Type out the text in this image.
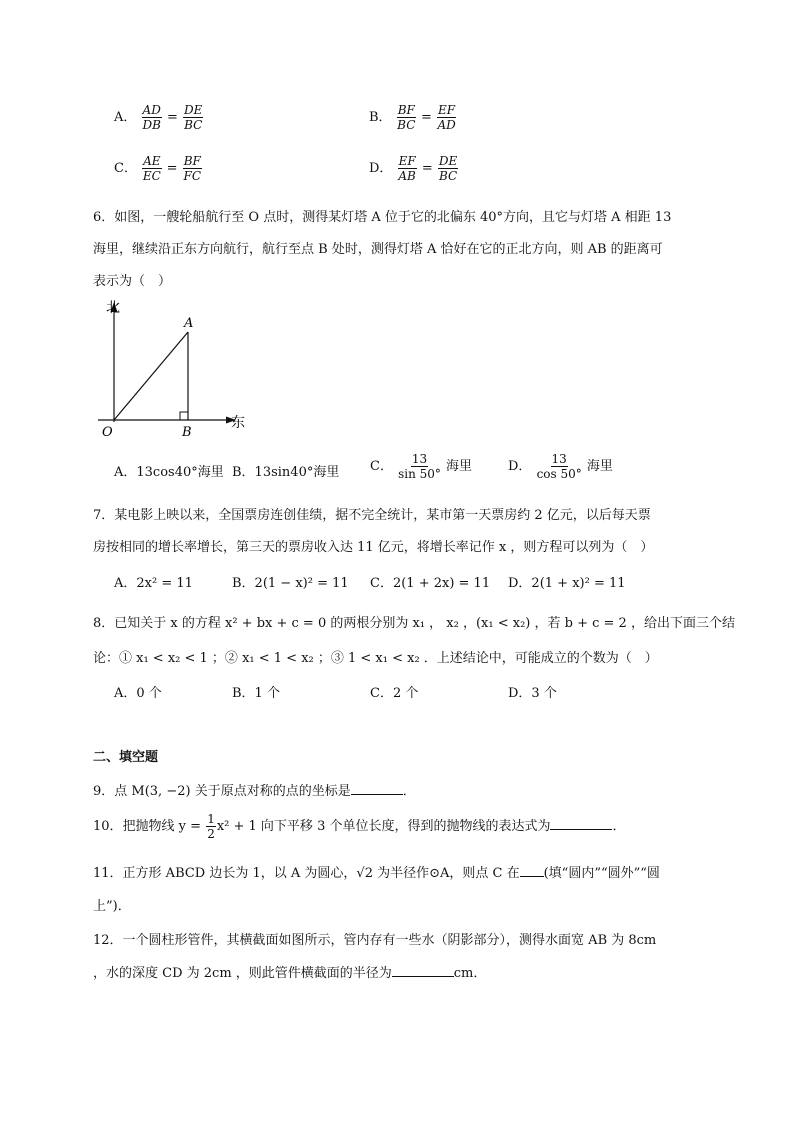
A． $\frac{AD}{DB} = \frac{DE}{BC}$	B． $\frac{BF}{BC} = \frac{EF}{AD}$
C． $\frac{AE}{EC} = \frac{BF}{FC}$	D． $\frac{EF}{AB} = \frac{DE}{BC}$
6．如图，一艘轮船航行至 O 点时，测得某灯塔 A 位于它的北偏东 40°方向，且它与灯塔 A 相距 13
海里，继续沿正东方向航行，航行至点 B 处时，测得灯塔 A 恰好在它的正北方向，则 AB 的距离可
表示为（　）
北
东
O
A
B
A．13cos40°海里 B．13sin40°海里 C． $\frac{13}{\sin 50^\circ}$ 海里	D． $\frac{13}{\cos 50^\circ}$ 海里
7．某电影上映以来，全国票房连创佳绩，据不完全统计，某市第一天票房约 2 亿元，以后每天票
房按相同的增长率增长，第三天的票房收入达 11 亿元，将增长率记作 x ，则方程可以列为（　）
A．2x² = 11	B．2(1 − x)² = 11 C．2(1 + 2x) = 11 D．2(1 + x)² = 11
8．已知关于 x 的方程 x² + bx + c = 0 的两根分别为 x₁ ， x₂ ，(x₁ < x₂) ，若 b + c = 2 ，给出下面三个结
论：① x₁ < x₂ < 1 ；② x₁ < 1 < x₂ ；③ 1 < x₁ < x₂ ．上述结论中，可能成立的个数为（　）
A．0 个	B．1 个	C．2 个	D．3 个
二、填空题
9．点 M(3, −2) 关于原点对称的点的坐标是	．
10．把抛物线 $y = \frac{1}{2} x^2 + 1$ 向下平移 3 个单位长度，得到的抛物线的表达式为	．
11．正方形 ABCD 边长为 1，以 A 为圆心，√2 为半径作⊙A，则点 C 在 (填“圆内”“圆外”“圆
上”)．
12．一个圆柱形管件，其横截面如图所示，管内存有一些水（阴影部分），测得水面宽 AB 为 8cm
，水的深度 CD 为 2cm ，则此管件横截面的半径为	cm．
